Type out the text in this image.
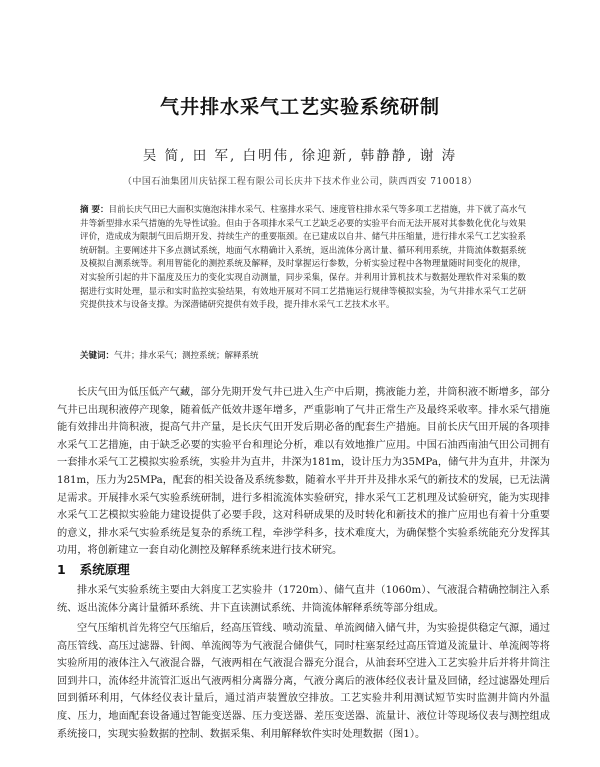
气井排水采气工艺实验系统研制
吴 简, 田 军, 白明伟, 徐迎新, 韩静静, 谢 涛
（中国石油集团川庆钻探工程有限公司长庆井下技术作业公司，陕西西安 710018）
摘 要：目前长庆气田已大面积实施泡沫排水采气、柱塞排水采气、速度管柱排水采气等多项工艺措施，井下就了高水气井等新型排水采气措施的先导性试验。但由于各项排水采气工艺缺乏必要的实验平台而无法开展对其参数化优化与效果评价，造成成为限制气田后期开发、持续生产的重要瓶颈。在已建成以自井、储气井压缩量，进行排水采气工艺实验系统研制。主要阐述井下多点测试系统，地面气水精确计入系统，返出流体分离计量、循环利用系统，井筒流体数据系统及模拟自测系统等。利用智能化的测控系统及解释，及时掌握运行参数，分析实验过程中各物理量随时间变化的规律，对实验所引起的井下温度及压力的变化实现自动测量，同步采集，保存。并利用计算机技术与数据处理软件对采集的数据进行实时处理，显示和实时监控实验结果，有效地开展对不同工艺措施运行规律等模拟实验，为气井排水采气工艺研究提供技术与设备支撑。为深潜储研究提供有效手段，提升排水采气工艺技术水平。
关键词：气井；排水采气；测控系统；解释系统
长庆气田为低压低产气藏，部分先期开发气井已进入生产中后期，携液能力差，井筒积液不断增多，部分气井已出现积液停产现象，随着低产低效井逐年增多，严重影响了气井正常生产及最终采收率。排水采气措施能有效排出井筒积液，提高气井产量，是长庆气田开发后期必备的配套生产措施。目前长庆气田开展的各项排水采气工艺措施，由于缺乏必要的实验平台和理论分析，难以有效地推广应用。中国石油西南油气田公司拥有一套排水采气工艺模拟实验系统，实验井为直井，井深为181m，设计压力为35MPa，储气井为直井，井深为181m，压力为25MPa，配套的相关设备及系统参数，随着水平井开井及排水采气的新技术的发展，已无法满足需求。开展排水采气实验系统研制，进行多相流流体实验研究，排水采气工艺机理及试验研究，能为实现排水采气工艺模拟实验能力建设提供了必要手段，这对科研成果的及时转化和新技术的推广应用也有着十分重要的意义，排水采气实验系统是复杂的系统工程，牵涉学科多，技术难度大，为确保整个实验系统能充分发挥其功用，将创新建立一套自动化测控及解释系统来进行技术研究。
1 系统原理
排水采气实验系统主要由大斜度工艺实验井（1720m）、储气直井（1060m）、气液混合精确控制注入系统、返出流体分离计量循环系统、井下直读测试系统、井筒流体解释系统等部分组成。
空气压缩机首先将空气压缩后，经高压管线、喷动流量、单流阀储入储气井，为实验提供稳定气源，通过高压管线、高压过滤器、针阀、单流阀等为气液混合储供气，同时柱塞泵经过高压管道及流量计、单流阀等将实验所用的液体注入气液混合器，气液两相在气液混合器充分混合，从油套环空进入工艺实验井后并将井筒注回到井口，流体经井流管汇返出气液两相分离器分离，气液分离后的液体经仪表计量及回储，经过滤器处理后回到循环利用，气体经仪表计量后，通过消声装置放空排放。工艺实验井利用测试短节实时监测井筒内外温度、压力，地面配套设备通过智能变送器、压力变送器、差压变送器、流量计、液位计等现场仪表与测控组成系统接口，实现实验数据的控制、数据采集、利用解释软件实时处理数据（图1）。
